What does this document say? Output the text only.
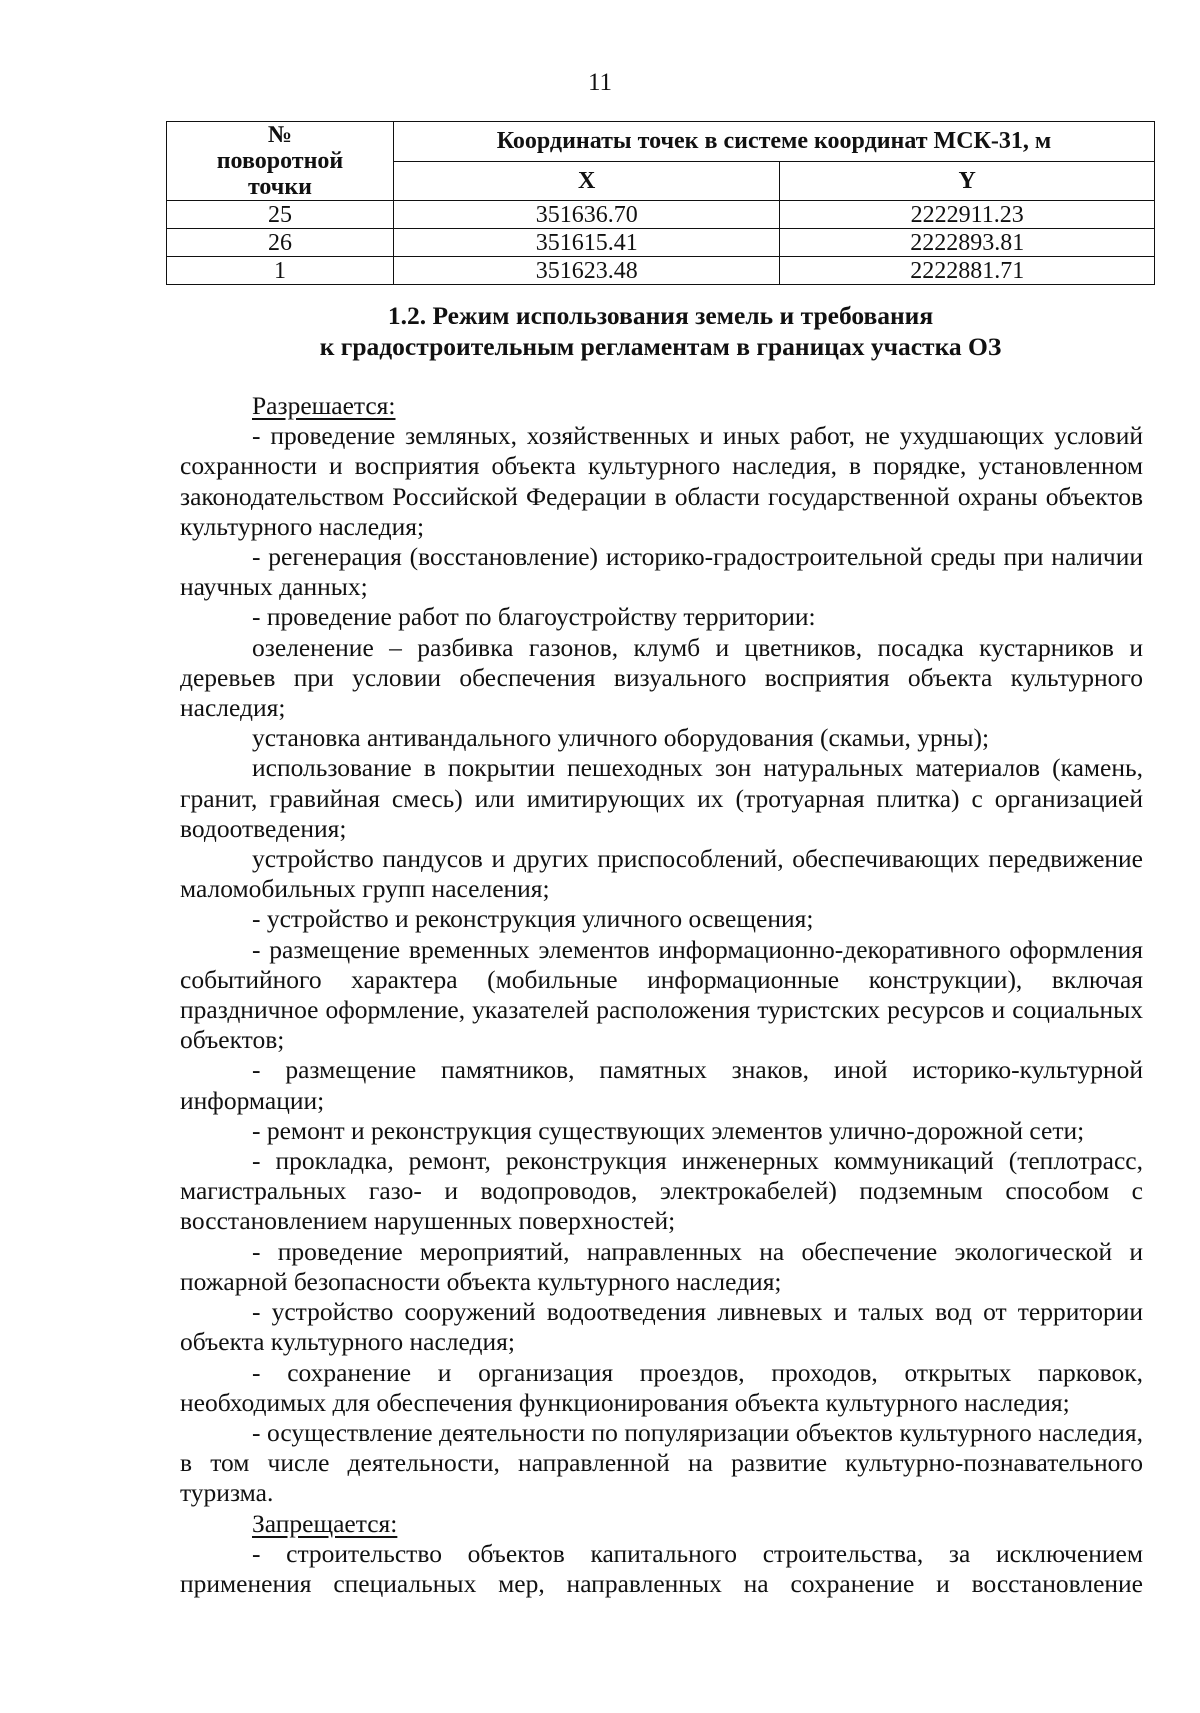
11
№ поворотной точки	Координаты точек в системе координат МСК-31, м	
	X	Y
25	351636.70	2222911.23
26	351615.41	2222893.81
1	351623.48	2222881.71
1.2. Режим использования земель и требования
к градостроительным регламентам в границах участка ОЗ

Разрешается:

- проведение земляных, хозяйственных и иных работ, не ухудшающих условий сохранности и восприятия объекта культурного наследия, в порядке, установленном законодательством Российской Федерации в области государственной охраны объектов культурного наследия;

- регенерация (восстановление) историко-градостроительной среды при наличии научных данных;

- проведение работ по благоустройству территории:

озеленение – разбивка газонов, клумб и цветников, посадка кустарников и деревьев при условии обеспечения визуального восприятия объекта культурного наследия;

установка антивандального уличного оборудования (скамьи, урны);

использование в покрытии пешеходных зон натуральных материалов (камень, гранит, гравийная смесь) или имитирующих их (тротуарная плитка) с организацией водоотведения;

устройство пандусов и других приспособлений, обеспечивающих передвижение маломобильных групп населения;

- устройство и реконструкция уличного освещения;

- размещение временных элементов информационно-декоративного оформления событийного характера (мобильные информационные конструкции), включая праздничное оформление, указателей расположения туристских ресурсов и социальных объектов;

- размещение памятников, памятных знаков, иной историко-культурной информации;

- ремонт и реконструкция существующих элементов улично-дорожной сети;

- прокладка, ремонт, реконструкция инженерных коммуникаций (теплотрасс, магистральных газо- и водопроводов, электрокабелей) подземным способом с восстановлением нарушенных поверхностей;

- проведение мероприятий, направленных на обеспечение экологической и пожарной безопасности объекта культурного наследия;

- устройство сооружений водоотведения ливневых и талых вод от территории объекта культурного наследия;

- сохранение и организация проездов, проходов, открытых парковок, необходимых для обеспечения функционирования объекта культурного наследия;

- осуществление деятельности по популяризации объектов культурного наследия, в том числе деятельности, направленной на развитие культурно-познавательного туризма.

Запрещается:

- строительство объектов капитального строительства, за исключением применения специальных мер, направленных на сохранение и восстановление
